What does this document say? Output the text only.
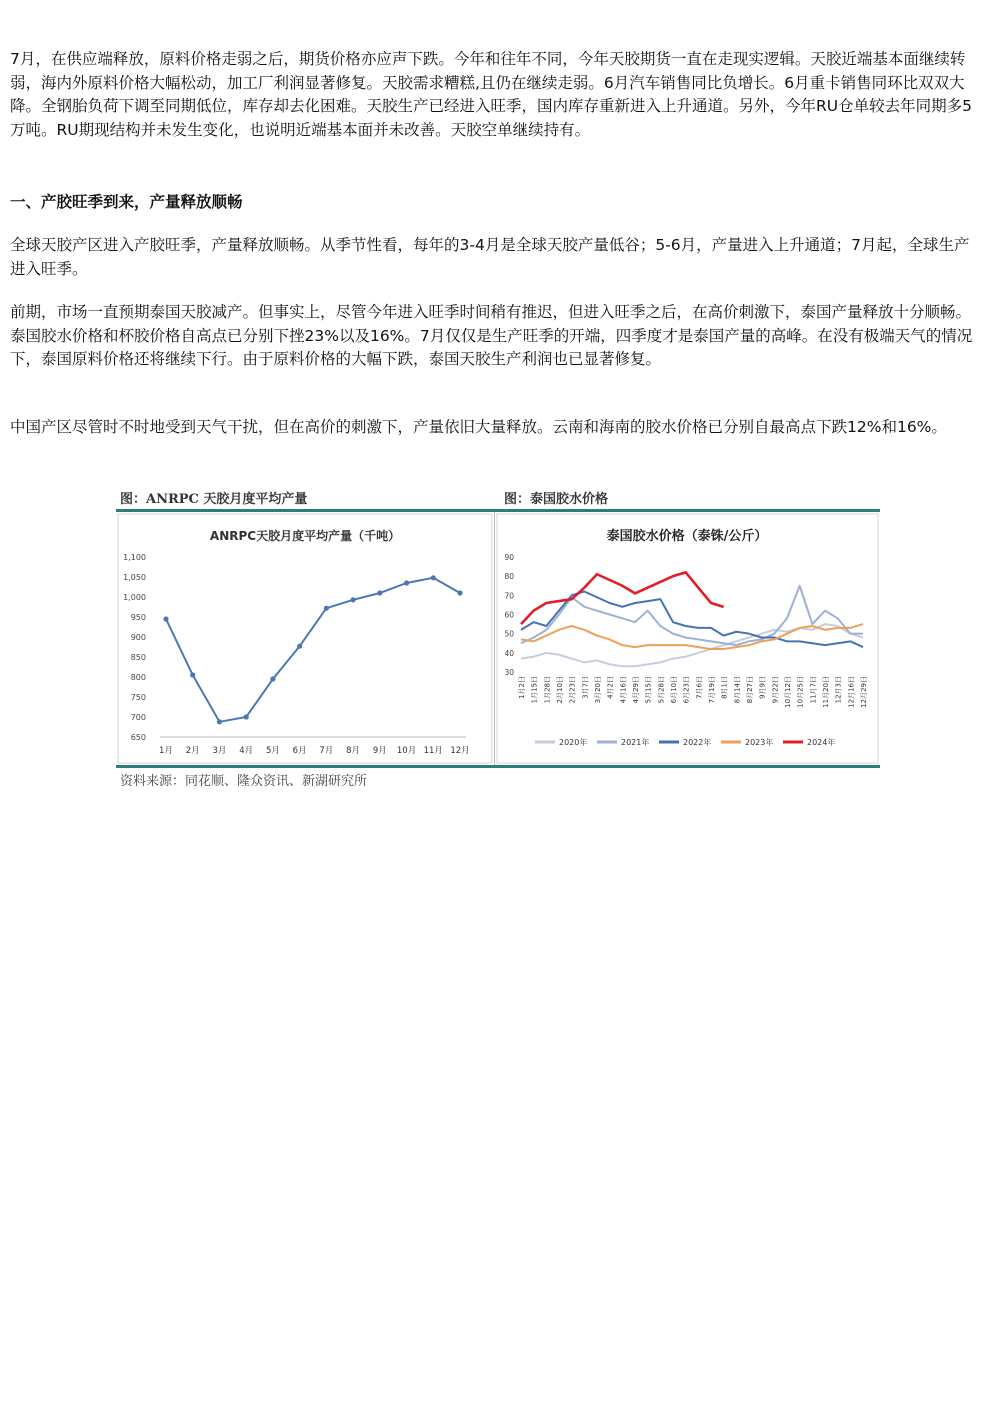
7月，在供应端释放，原料价格走弱之后，期货价格亦应声下跌。今年和往年不同，今年天胶期货一直在走现实逻辑。天胶近端基本面继续转弱，海内外原料价格大幅松动，加工厂利润显著修复。天胶需求糟糕,且仍在继续走弱。6月汽车销售同比负增长。6月重卡销售同环比双双大降。全钢胎负荷下调至同期低位，库存却去化困难。天胶生产已经进入旺季，国内库存重新进入上升通道。另外，今年RU仓单较去年同期多5万吨。RU期现结构并未发生变化，也说明近端基本面并未改善。天胶空单继续持有。

一、产胶旺季到来，产量释放顺畅

全球天胶产区进入产胶旺季，产量释放顺畅。从季节性看，每年的3-4月是全球天胶产量低谷；5-6月，产量进入上升通道；7月起，全球生产进入旺季。

前期，市场一直预期泰国天胶减产。但事实上，尽管今年进入旺季时间稍有推迟，但进入旺季之后，在高价刺激下，泰国产量释放十分顺畅。泰国胶水价格和杯胶价格自高点已分别下挫23%以及16%。7月仅仅是生产旺季的开端，四季度才是泰国产量的高峰。在没有极端天气的情况下，泰国原料价格还将继续下行。由于原料价格的大幅下跌，泰国天胶生产利润也已显著修复。

中国产区尽管时不时地受到天气干扰，但在高价的刺激下，产量依旧大量释放。云南和海南的胶水价格已分别自最高点下跌12%和16%。

图：ANRPC 天胶月度平均产量	图：泰国胶水价格
ANRPC天胶月度平均产量（千吨）
650
700
750
800
850
900
950
1,000
1,050
1,100
1月 2月 3月 4月 5月 6月 7月 8月 9月 10月 11月 12月
泰国胶水价格（泰铢/公斤）
30
40
50
60
70
80
90
1月2日 1月15日 1月28日 2月10日 2月23日 3月7日 3月20日 4月2日 4月16日 4月29日 5月15日 5月28日 6月10日 6月23日 7月6日 7月19日 8月1日 8月14日 8月27日 9月9日 9月22日 10月12日 10月25日 11月7日 11月20日 12月3日 12月16日 12月29日
2020年	2021年	2022年	2023年	2024年
资料来源：同花顺、隆众资讯、新湖研究所
